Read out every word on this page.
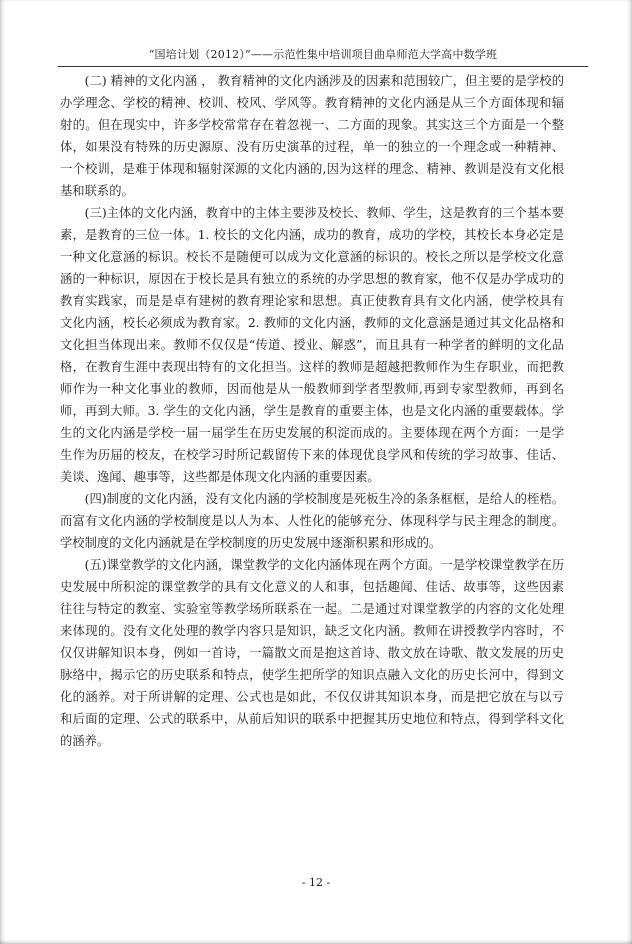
“国培计划（2012）”——示范性集中培训项目曲阜师范大学高中数学班

(二) 精神的文化内涵 ， 教育精神的文化内涵涉及的因素和范围较广，但主要的是学校的办学理念、学校的精神、校训、校风、学风等。教育精神的文化内涵是从三个方面体现和辐射的。但在现实中，许多学校常常存在着忽视一、二方面的现象。其实这三个方面是一个整体，如果没有特殊的历史源原、没有历史演革的过程，单一的独立的一个理念或一种精神、一个校训，是难于体现和辐射深源的文化内涵的,因为这样的理念、精神、教训是没有文化根基和联系的。

(三)主体的文化内涵，教育中的主体主要涉及校长、教师、学生，这是教育的三个基本要素，是教育的三位一体。1. 校长的文化内涵，成功的教育，成功的学校，其校长本身必定是一种文化意涵的标识。校长不是随便可以成为文化意涵的标识的。校长之所以是学校文化意涵的一种标识，原因在于校长是具有独立的系统的办学思想的教育家，他不仅是办学成功的教育实践家，而是是卓有建树的教育理论家和思想。真正使教育具有文化内涵，使学校具有文化内涵，校长必须成为教育家。2. 教师的文化内涵，教师的文化意涵是通过其文化品格和文化担当体现出来。教师不仅仅是“传道、授业、解惑”，而且具有一种学者的鲜明的文化品格，在教育生涯中表现出特有的文化担当。这样的教师是超越把教师作为生存职业，而把教师作为一种文化事业的教师，因而他是从一般教师到学者型教师,再到专家型教师，再到名师，再到大师。3. 学生的文化内涵，学生是教育的重要主体，也是文化内涵的重要载体。学生的文化内涵是学校一届一届学生在历史发展的积淀而成的。主要体现在两个方面：一是学生作为历届的校友，在校学习时所记载留传下来的体现优良学风和传统的学习故事、佳话、美谈、逸闻、趣事等，这些都是体现文化内涵的重要因素。

(四)制度的文化内涵，没有文化内涵的学校制度是死板生冷的条条框框，是给人的桎梏。而富有文化内涵的学校制度是以人为本、人性化的能够充分、体现科学与民主理念的制度。学校制度的文化内涵就是在学校制度的历史发展中逐渐积累和形成的。

(五)课堂教学的文化内涵，课堂教学的文化内涵体现在两个方面。一是学校课堂教学在历史发展中所积淀的课堂教学的具有文化意义的人和事，包括趣闻、佳话、故事等，这些因素往往与特定的教室、实验室等教学场所联系在一起。二是通过对课堂教学的内容的文化处理来体现的。没有文化处理的教学内容只是知识，缺乏文化内涵。教师在讲授教学内容时，不仅仅讲解知识本身，例如一首诗，一篇散文而是抱这首诗、散文放在诗歌、散文发展的历史脉络中，揭示它的历史联系和特点，使学生把所学的知识点融入文化的历史长河中，得到文化的涵养。对于所讲解的定理、公式也是如此，不仅仅讲其知识本身，而是把它放在与以亏和后面的定理、公式的联系中，从前后知识的联系中把握其历史地位和特点，得到学科文化的涵养。

- 12 -
